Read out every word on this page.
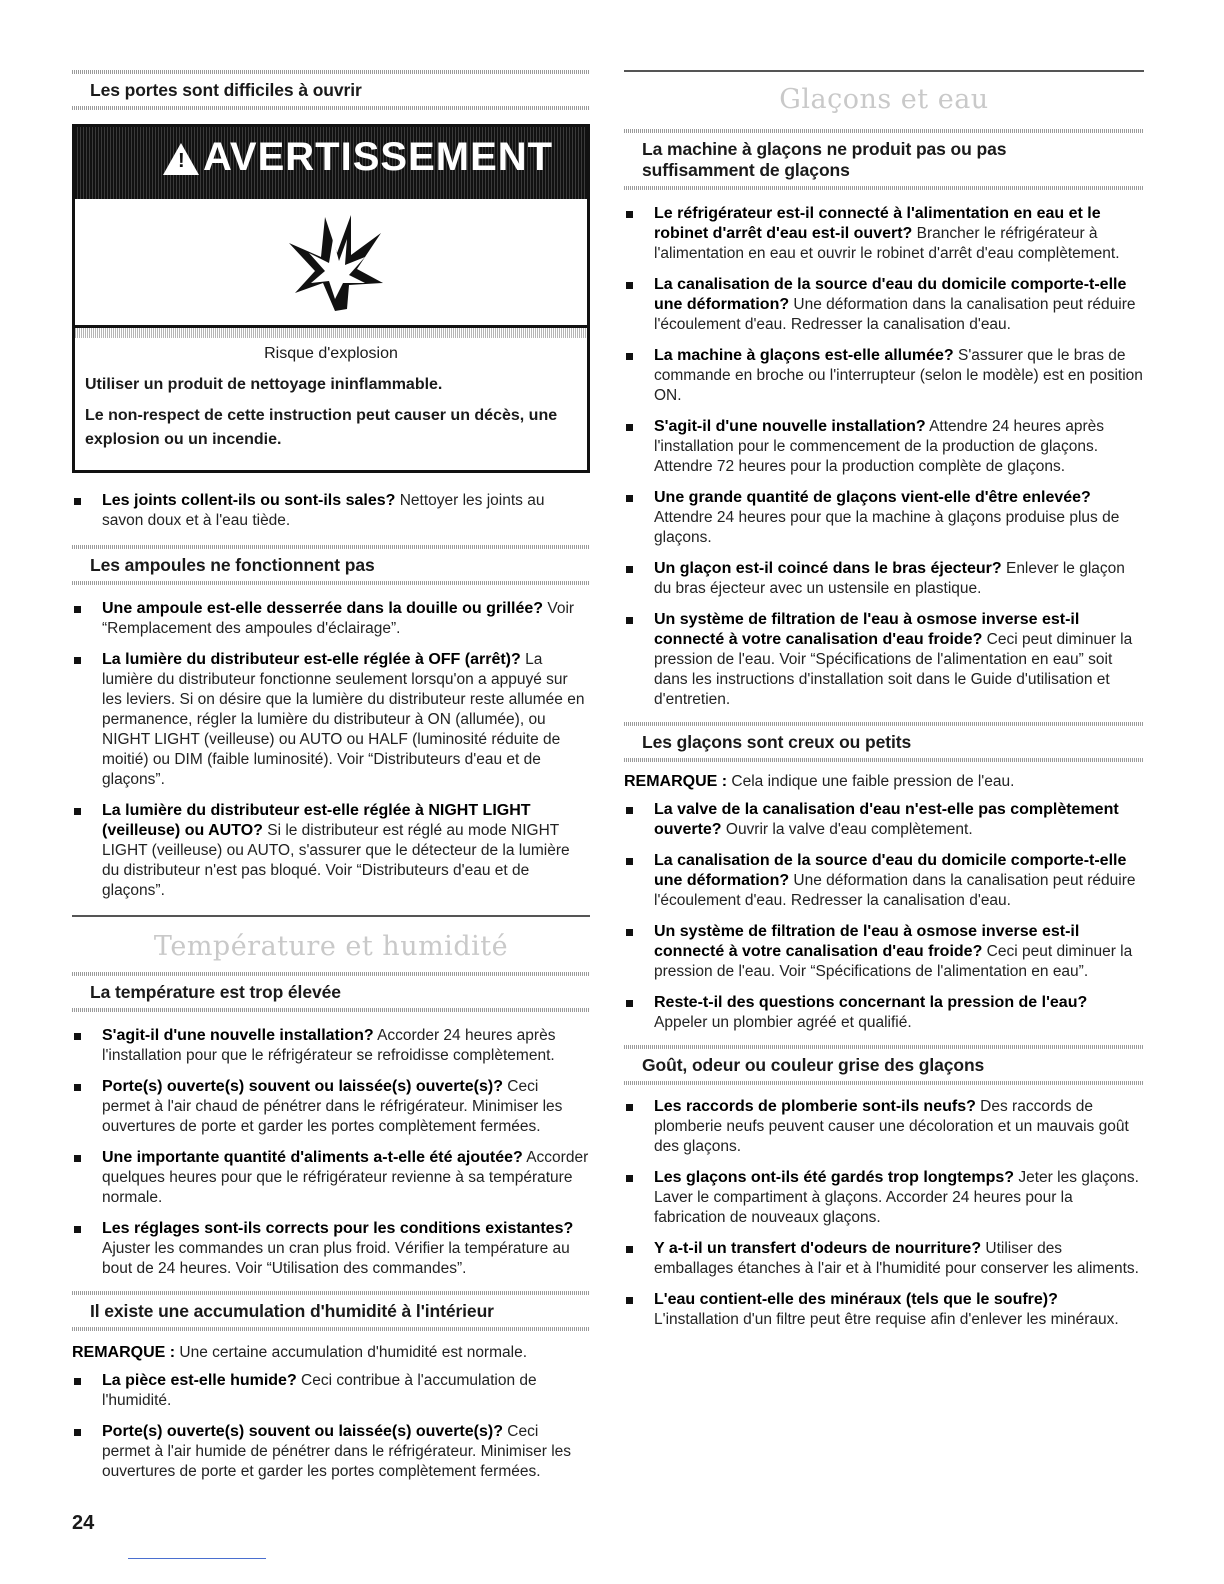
Les portes sont difficiles à ouvrir
! AVERTISSEMENT
Risque d'explosion
Utiliser un produit de nettoyage ininflammable.
Le non-respect de cette instruction peut causer un décès, une explosion ou un incendie.
Les joints collent-ils ou sont-ils sales? Nettoyer les joints au savon doux et à l'eau tiède.
Les ampoules ne fonctionnent pas
Une ampoule est-elle desserrée dans la douille ou grillée? Voir “Remplacement des ampoules d'éclairage”.
La lumière du distributeur est-elle réglée à OFF (arrêt)? La lumière du distributeur fonctionne seulement lorsqu'on a appuyé sur les leviers. Si on désire que la lumière du distributeur reste allumée en permanence, régler la lumière du distributeur à ON (allumée), ou NIGHT LIGHT (veilleuse) ou AUTO ou HALF (luminosité réduite de moitié) ou DIM (faible luminosité). Voir “Distributeurs d'eau et de glaçons”.
La lumière du distributeur est-elle réglée à NIGHT LIGHT (veilleuse) ou AUTO? Si le distributeur est réglé au mode NIGHT LIGHT (veilleuse) ou AUTO, s'assurer que le détecteur de la lumière du distributeur n'est pas bloqué. Voir “Distributeurs d'eau et de glaçons”.
Température et humidité
La température est trop élevée
S'agit-il d'une nouvelle installation? Accorder 24 heures après l'installation pour que le réfrigérateur se refroidisse complètement.
Porte(s) ouverte(s) souvent ou laissée(s) ouverte(s)? Ceci permet à l'air chaud de pénétrer dans le réfrigérateur. Minimiser les ouvertures de porte et garder les portes complètement fermées.
Une importante quantité d'aliments a-t-elle été ajoutée? Accorder quelques heures pour que le réfrigérateur revienne à sa température normale.
Les réglages sont-ils corrects pour les conditions existantes? Ajuster les commandes un cran plus froid. Vérifier la température au bout de 24 heures. Voir “Utilisation des commandes”.
Il existe une accumulation d'humidité à l'intérieur

REMARQUE : Une certaine accumulation d'humidité est normale.

La pièce est-elle humide? Ceci contribue à l'accumulation de l'humidité.
Porte(s) ouverte(s) souvent ou laissée(s) ouverte(s)? Ceci permet à l'air humide de pénétrer dans le réfrigérateur. Minimiser les ouvertures de porte et garder les portes complètement fermées.
Glaçons et eau
La machine à glaçons ne produit pas ou pas suffisamment de glaçons
Le réfrigérateur est-il connecté à l'alimentation en eau et le robinet d'arrêt d'eau est-il ouvert? Brancher le réfrigérateur à l'alimentation en eau et ouvrir le robinet d'arrêt d'eau complètement.
La canalisation de la source d'eau du domicile comporte-t-elle une déformation? Une déformation dans la canalisation peut réduire l'écoulement d'eau. Redresser la canalisation d'eau.
La machine à glaçons est-elle allumée? S'assurer que le bras de commande en broche ou l'interrupteur (selon le modèle) est en position ON.
S'agit-il d'une nouvelle installation? Attendre 24 heures après l'installation pour le commencement de la production de glaçons. Attendre 72 heures pour la production complète de glaçons.
Une grande quantité de glaçons vient-elle d'être enlevée? Attendre 24 heures pour que la machine à glaçons produise plus de glaçons.
Un glaçon est-il coincé dans le bras éjecteur? Enlever le glaçon du bras éjecteur avec un ustensile en plastique.
Un système de filtration de l'eau à osmose inverse est-il connecté à votre canalisation d'eau froide? Ceci peut diminuer la pression de l'eau. Voir “Spécifications de l'alimentation en eau” soit dans les instructions d'installation soit dans le Guide d'utilisation et d'entretien.
Les glaçons sont creux ou petits

REMARQUE : Cela indique une faible pression de l'eau.

La valve de la canalisation d'eau n'est-elle pas complètement ouverte? Ouvrir la valve d'eau complètement.
La canalisation de la source d'eau du domicile comporte-t-elle une déformation? Une déformation dans la canalisation peut réduire l'écoulement d'eau. Redresser la canalisation d'eau.
Un système de filtration de l'eau à osmose inverse est-il connecté à votre canalisation d'eau froide? Ceci peut diminuer la pression de l'eau. Voir “Spécifications de l'alimentation en eau”.
Reste-t-il des questions concernant la pression de l'eau? Appeler un plombier agréé et qualifié.
Goût, odeur ou couleur grise des glaçons
Les raccords de plomberie sont-ils neufs? Des raccords de plomberie neufs peuvent causer une décoloration et un mauvais goût des glaçons.
Les glaçons ont-ils été gardés trop longtemps? Jeter les glaçons. Laver le compartiment à glaçons. Accorder 24 heures pour la fabrication de nouveaux glaçons.
Y a-t-il un transfert d'odeurs de nourriture? Utiliser des emballages étanches à l'air et à l'humidité pour conserver les aliments.
L'eau contient-elle des minéraux (tels que le soufre)? L'installation d'un filtre peut être requise afin d'enlever les minéraux.
24
